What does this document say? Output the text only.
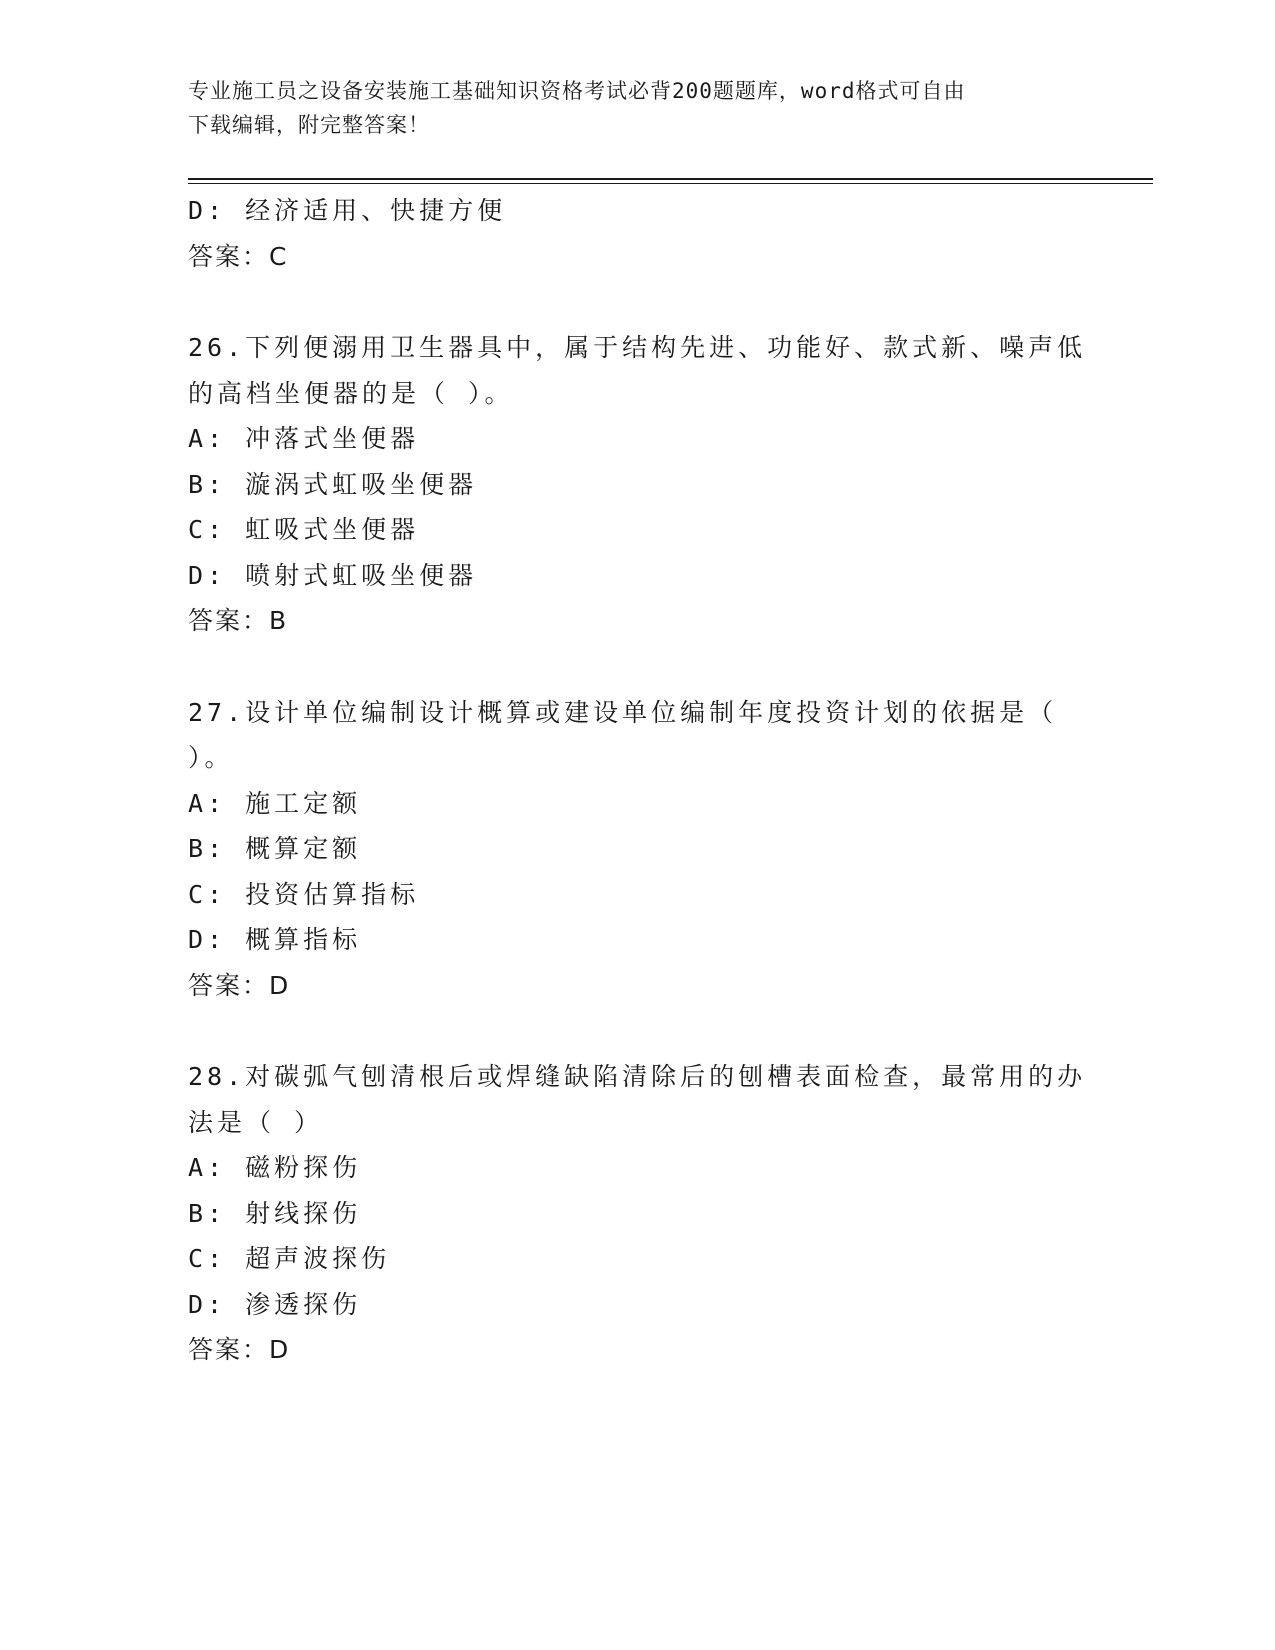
专业施工员之设备安装施工基础知识资格考试必背200题题库，word格式可自由
下载编辑，附完整答案！
D: 经济适用、快捷方便
答案：C
26.下列便溺用卫生器具中，属于结构先进、功能好、款式新、噪声低
的高档坐便器的是（ ）。
A: 冲落式坐便器
B: 漩涡式虹吸坐便器
C: 虹吸式坐便器
D: 喷射式虹吸坐便器
答案：B
27.设计单位编制设计概算或建设单位编制年度投资计划的依据是（
）。
A: 施工定额
B: 概算定额
C: 投资估算指标
D: 概算指标
答案：D
28.对碳弧气刨清根后或焊缝缺陷清除后的刨槽表面检查，最常用的办
法是（ ）
A: 磁粉探伤
B: 射线探伤
C: 超声波探伤
D: 渗透探伤
答案：D
